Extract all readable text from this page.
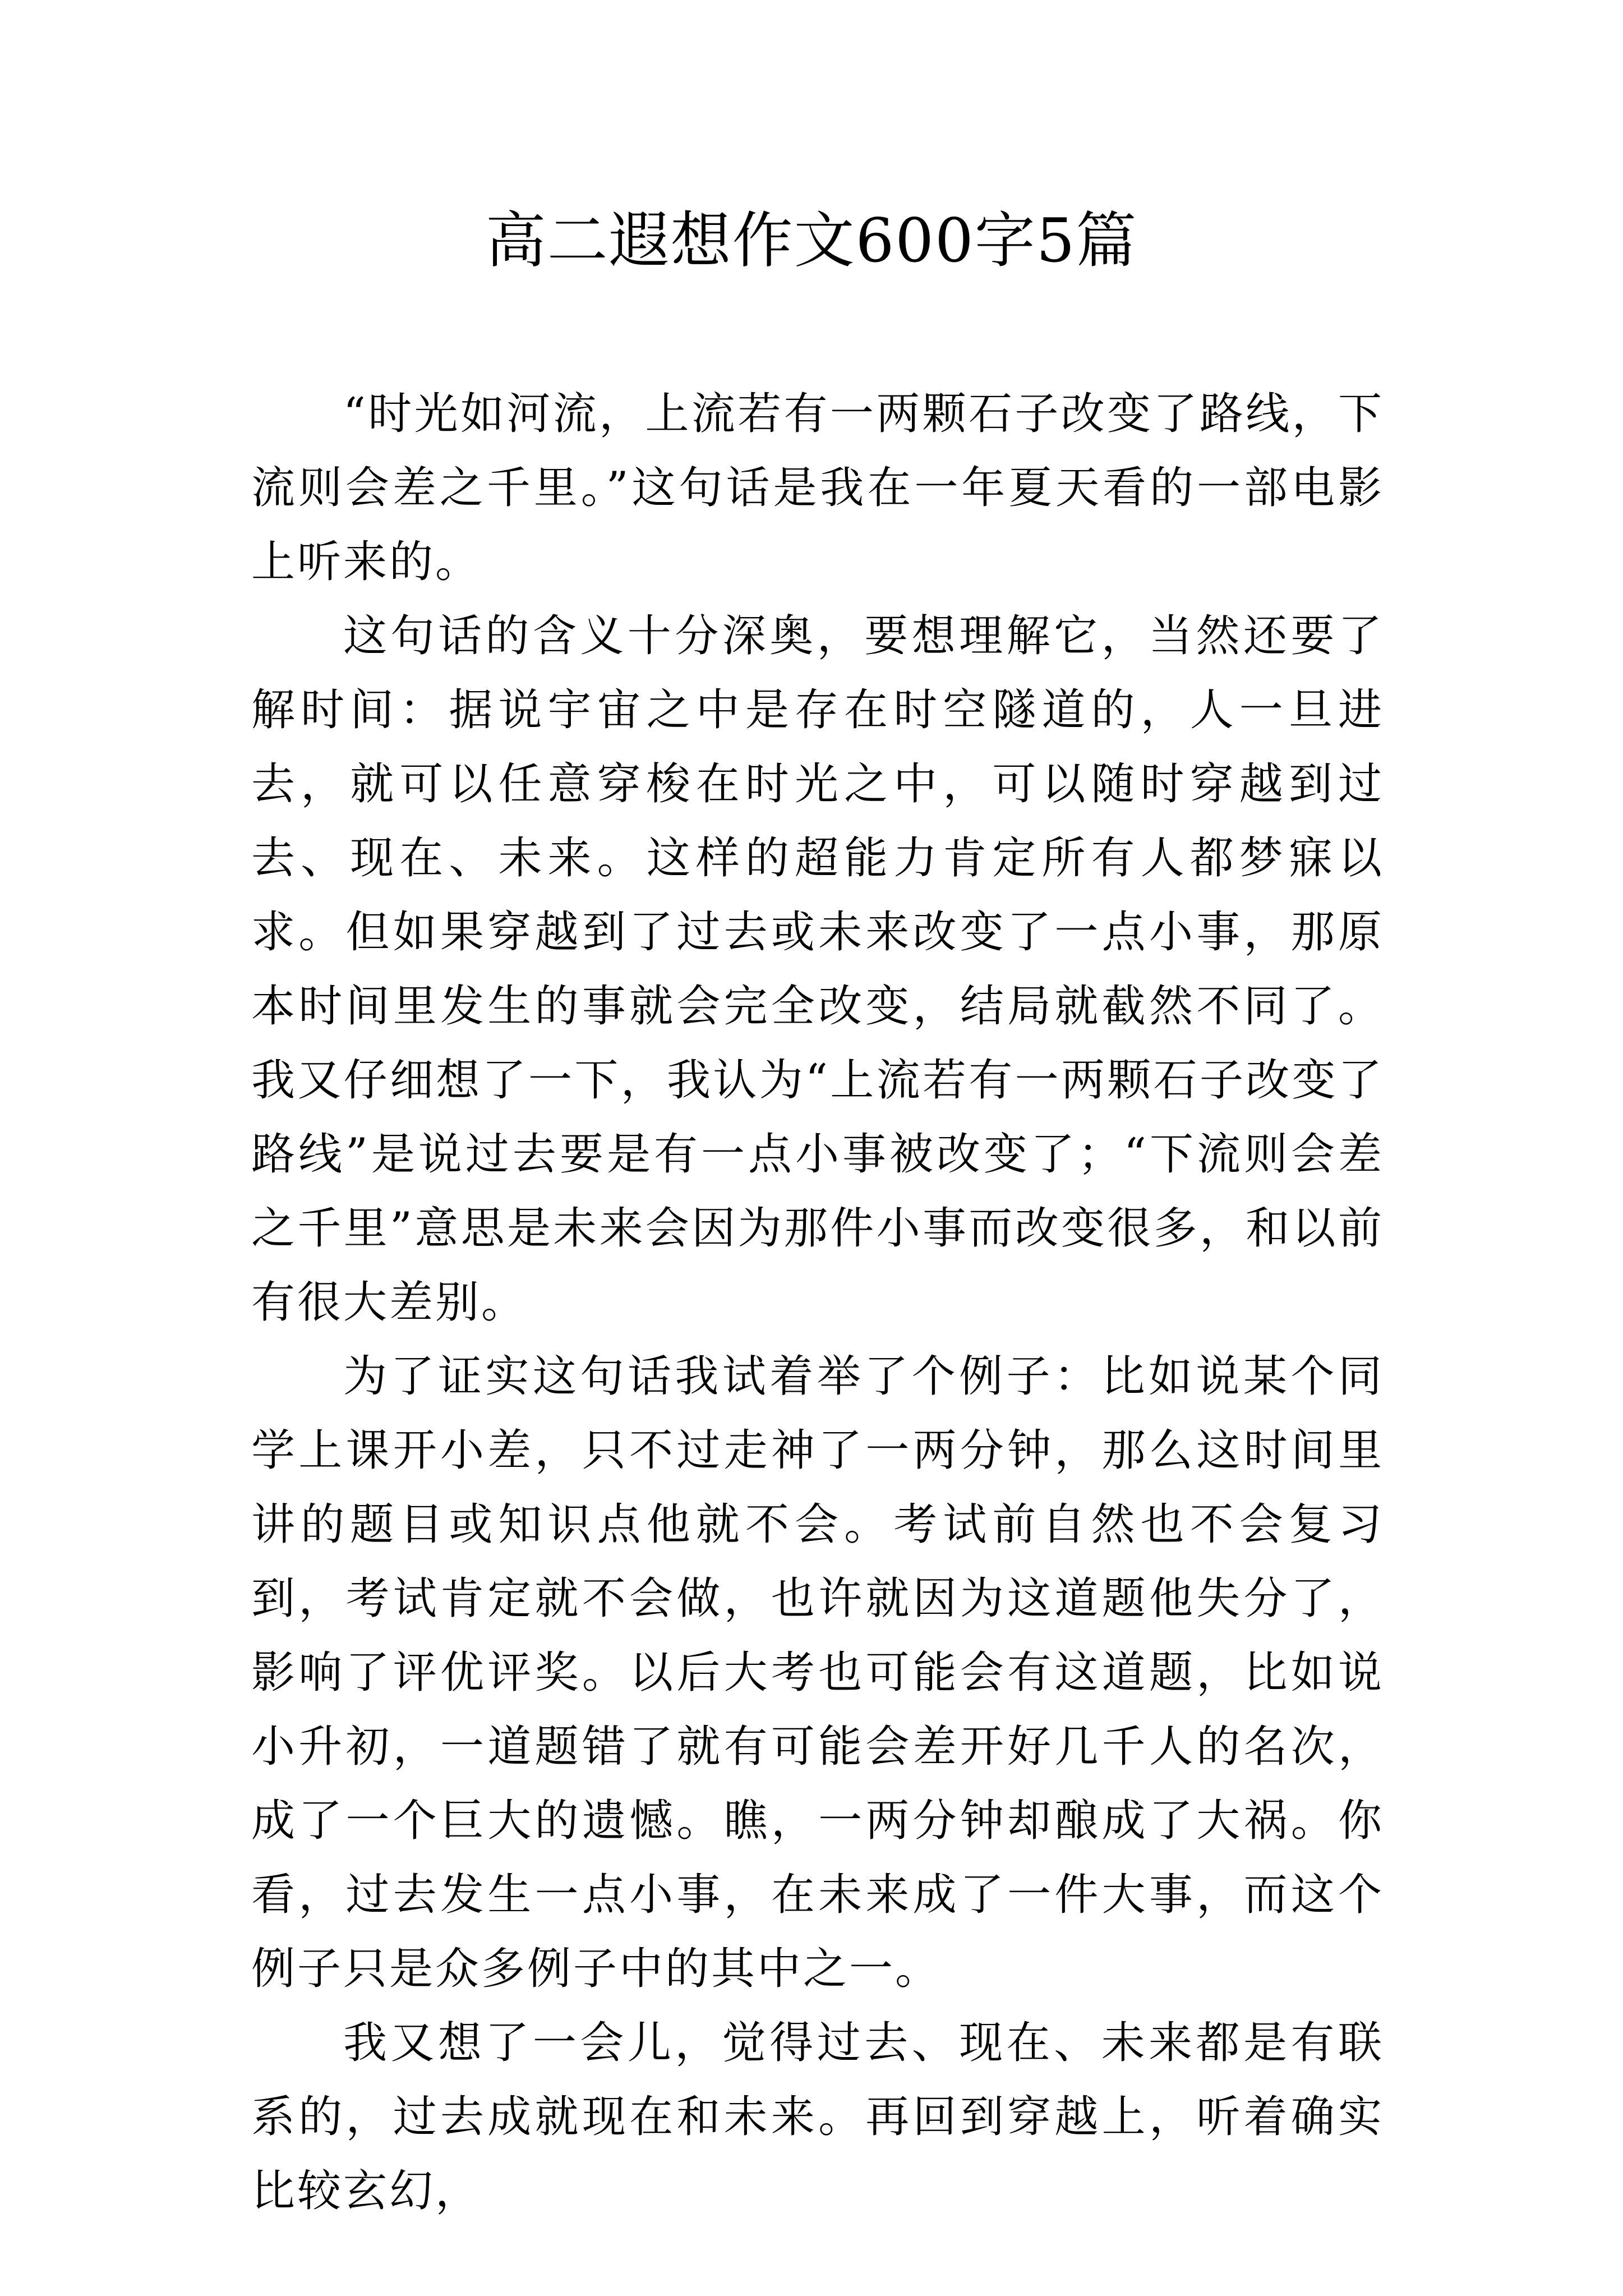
高二遐想作文600字5篇

“时光如河流，上流若有一两颗石子改变了路线，下流则会差之千里。”这句话是我在一年夏天看的一部电影上听来的。

这句话的含义十分深奥，要想理解它，当然还要了解时间：据说宇宙之中是存在时空隧道的，人一旦进去，就可以任意穿梭在时光之中，可以随时穿越到过去、现在、未来。这样的超能力肯定所有人都梦寐以求。但如果穿越到了过去或未来改变了一点小事，那原本时间里发生的事就会完全改变，结局就截然不同了。我又仔细想了一下，我认为“上流若有一两颗石子改变了路线”是说过去要是有一点小事被改变了；“下流则会差之千里”意思是未来会因为那件小事而改变很多，和以前有很大差别。

为了证实这句话我试着举了个例子：比如说某个同学上课开小差，只不过走神了一两分钟，那么这时间里讲的题目或知识点他就不会。考试前自然也不会复习到，考试肯定就不会做，也许就因为这道题他失分了，影响了评优评奖。以后大考也可能会有这道题，比如说小升初，一道题错了就有可能会差开好几千人的名次，成了一个巨大的遗憾。瞧，一两分钟却酿成了大祸。你看，过去发生一点小事，在未来成了一件大事，而这个例子只是众多例子中的其中之一。

我又想了一会儿，觉得过去、现在、未来都是有联系的，过去成就现在和未来。再回到穿越上，听着确实比较玄幻，
